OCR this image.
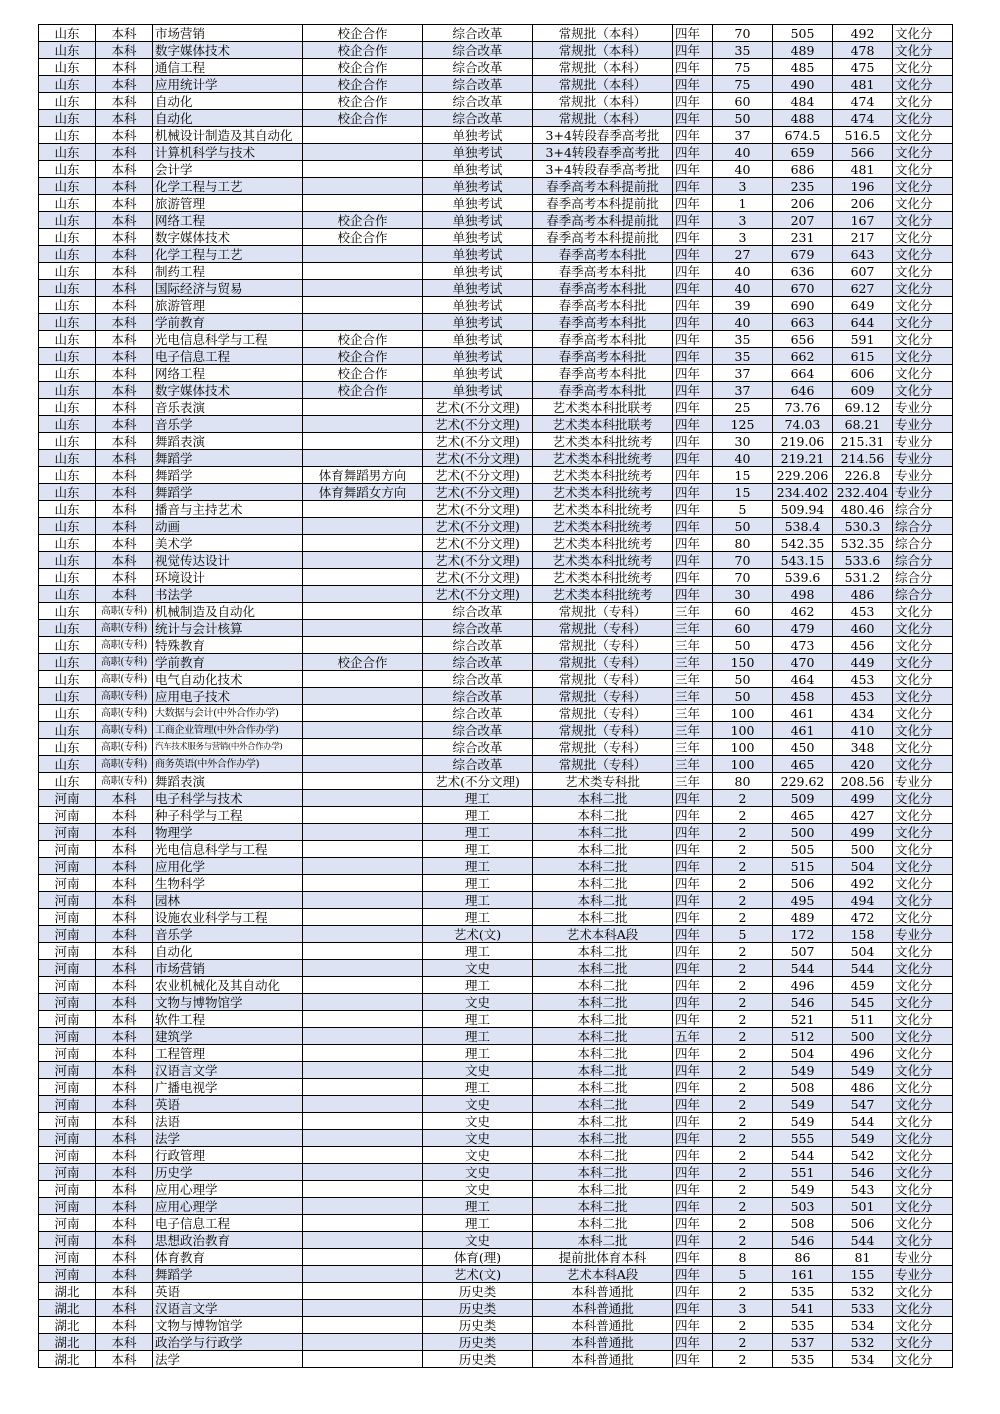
山东	本科	市场营销	校企合作	综合改革	常规批（本科）	四年	70	505	492	文化分
山东	本科	数字媒体技术	校企合作	综合改革	常规批（本科）	四年	35	489	478	文化分
山东	本科	通信工程	校企合作	综合改革	常规批（本科）	四年	75	485	475	文化分
山东	本科	应用统计学	校企合作	综合改革	常规批（本科）	四年	75	490	481	文化分
山东	本科	自动化	校企合作	综合改革	常规批（本科）	四年	60	484	474	文化分
山东	本科	自动化	校企合作	综合改革	常规批（本科）	四年	50	488	474	文化分
山东	本科	机械设计制造及其自动化		单独考试	3+4转段春季高考批	四年	37	674.5	516.5	文化分
山东	本科	计算机科学与技术		单独考试	3+4转段春季高考批	四年	40	659	566	文化分
山东	本科	会计学		单独考试	3+4转段春季高考批	四年	40	686	481	文化分
山东	本科	化学工程与工艺		单独考试	春季高考本科提前批	四年	3	235	196	文化分
山东	本科	旅游管理		单独考试	春季高考本科提前批	四年	1	206	206	文化分
山东	本科	网络工程	校企合作	单独考试	春季高考本科提前批	四年	3	207	167	文化分
山东	本科	数字媒体技术	校企合作	单独考试	春季高考本科提前批	四年	3	231	217	文化分
山东	本科	化学工程与工艺		单独考试	春季高考本科批	四年	27	679	643	文化分
山东	本科	制药工程		单独考试	春季高考本科批	四年	40	636	607	文化分
山东	本科	国际经济与贸易		单独考试	春季高考本科批	四年	40	670	627	文化分
山东	本科	旅游管理		单独考试	春季高考本科批	四年	39	690	649	文化分
山东	本科	学前教育		单独考试	春季高考本科批	四年	40	663	644	文化分
山东	本科	光电信息科学与工程	校企合作	单独考试	春季高考本科批	四年	35	656	591	文化分
山东	本科	电子信息工程	校企合作	单独考试	春季高考本科批	四年	35	662	615	文化分
山东	本科	网络工程	校企合作	单独考试	春季高考本科批	四年	37	664	606	文化分
山东	本科	数字媒体技术	校企合作	单独考试	春季高考本科批	四年	37	646	609	文化分
山东	本科	音乐表演		艺术(不分文理)	艺术类本科批联考	四年	25	73.76	69.12	专业分
山东	本科	音乐学		艺术(不分文理)	艺术类本科批联考	四年	125	74.03	68.21	专业分
山东	本科	舞蹈表演		艺术(不分文理)	艺术类本科批统考	四年	30	219.06	215.31	专业分
山东	本科	舞蹈学		艺术(不分文理)	艺术类本科批统考	四年	40	219.21	214.56	专业分
山东	本科	舞蹈学	体育舞蹈男方向	艺术(不分文理)	艺术类本科批统考	四年	15	229.206	226.8	专业分
山东	本科	舞蹈学	体育舞蹈女方向	艺术(不分文理)	艺术类本科批统考	四年	15	234.402	232.404	专业分
山东	本科	播音与主持艺术		艺术(不分文理)	艺术类本科批统考	四年	5	509.94	480.46	综合分
山东	本科	动画		艺术(不分文理)	艺术类本科批统考	四年	50	538.4	530.3	综合分
山东	本科	美术学		艺术(不分文理)	艺术类本科批统考	四年	80	542.35	532.35	综合分
山东	本科	视觉传达设计		艺术(不分文理)	艺术类本科批统考	四年	70	543.15	533.6	综合分
山东	本科	环境设计		艺术(不分文理)	艺术类本科批统考	四年	70	539.6	531.2	综合分
山东	本科	书法学		艺术(不分文理)	艺术类本科批统考	四年	30	498	486	综合分
山东	高职(专科)	机械制造及自动化		综合改革	常规批（专科）	三年	60	462	453	文化分
山东	高职(专科)	统计与会计核算		综合改革	常规批（专科）	三年	60	479	460	文化分
山东	高职(专科)	特殊教育		综合改革	常规批（专科）	三年	50	473	456	文化分
山东	高职(专科)	学前教育	校企合作	综合改革	常规批（专科）	三年	150	470	449	文化分
山东	高职(专科)	电气自动化技术		综合改革	常规批（专科）	三年	50	464	453	文化分
山东	高职(专科)	应用电子技术		综合改革	常规批（专科）	三年	50	458	453	文化分
山东	高职(专科)	大数据与会计(中外合作办学)		综合改革	常规批（专科）	三年	100	461	434	文化分
山东	高职(专科)	工商企业管理(中外合作办学)		综合改革	常规批（专科）	三年	100	461	410	文化分
山东	高职(专科)	汽车技术服务与营销(中外合作办学)		综合改革	常规批（专科）	三年	100	450	348	文化分
山东	高职(专科)	商务英语(中外合作办学)		综合改革	常规批（专科）	三年	100	465	420	文化分
山东	高职(专科)	舞蹈表演		艺术(不分文理)	艺术类专科批	三年	80	229.62	208.56	专业分
河南	本科	电子科学与技术		理工	本科二批	四年	2	509	499	文化分
河南	本科	种子科学与工程		理工	本科二批	四年	2	465	427	文化分
河南	本科	物理学		理工	本科二批	四年	2	500	499	文化分
河南	本科	光电信息科学与工程		理工	本科二批	四年	2	505	500	文化分
河南	本科	应用化学		理工	本科二批	四年	2	515	504	文化分
河南	本科	生物科学		理工	本科二批	四年	2	506	492	文化分
河南	本科	园林		理工	本科二批	四年	2	495	494	文化分
河南	本科	设施农业科学与工程		理工	本科二批	四年	2	489	472	文化分
河南	本科	音乐学		艺术(文)	艺术本科A段	四年	5	172	158	专业分
河南	本科	自动化		理工	本科二批	四年	2	507	504	文化分
河南	本科	市场营销		文史	本科二批	四年	2	544	544	文化分
河南	本科	农业机械化及其自动化		理工	本科二批	四年	2	496	459	文化分
河南	本科	文物与博物馆学		文史	本科二批	四年	2	546	545	文化分
河南	本科	软件工程		理工	本科二批	四年	2	521	511	文化分
河南	本科	建筑学		理工	本科二批	五年	2	512	500	文化分
河南	本科	工程管理		理工	本科二批	四年	2	504	496	文化分
河南	本科	汉语言文学		文史	本科二批	四年	2	549	549	文化分
河南	本科	广播电视学		理工	本科二批	四年	2	508	486	文化分
河南	本科	英语		文史	本科二批	四年	2	549	547	文化分
河南	本科	法语		文史	本科二批	四年	2	549	544	文化分
河南	本科	法学		文史	本科二批	四年	2	555	549	文化分
河南	本科	行政管理		文史	本科二批	四年	2	544	542	文化分
河南	本科	历史学		文史	本科二批	四年	2	551	546	文化分
河南	本科	应用心理学		文史	本科二批	四年	2	549	543	文化分
河南	本科	应用心理学		理工	本科二批	四年	2	503	501	文化分
河南	本科	电子信息工程		理工	本科二批	四年	2	508	506	文化分
河南	本科	思想政治教育		文史	本科二批	四年	2	546	544	文化分
河南	本科	体育教育		体育(理)	提前批体育本科	四年	8	86	81	专业分
河南	本科	舞蹈学		艺术(文)	艺术本科A段	四年	5	161	155	专业分
湖北	本科	英语		历史类	本科普通批	四年	2	535	532	文化分
湖北	本科	汉语言文学		历史类	本科普通批	四年	3	541	533	文化分
湖北	本科	文物与博物馆学		历史类	本科普通批	四年	2	535	534	文化分
湖北	本科	政治学与行政学		历史类	本科普通批	四年	2	537	532	文化分
湖北	本科	法学		历史类	本科普通批	四年	2	535	534	文化分
